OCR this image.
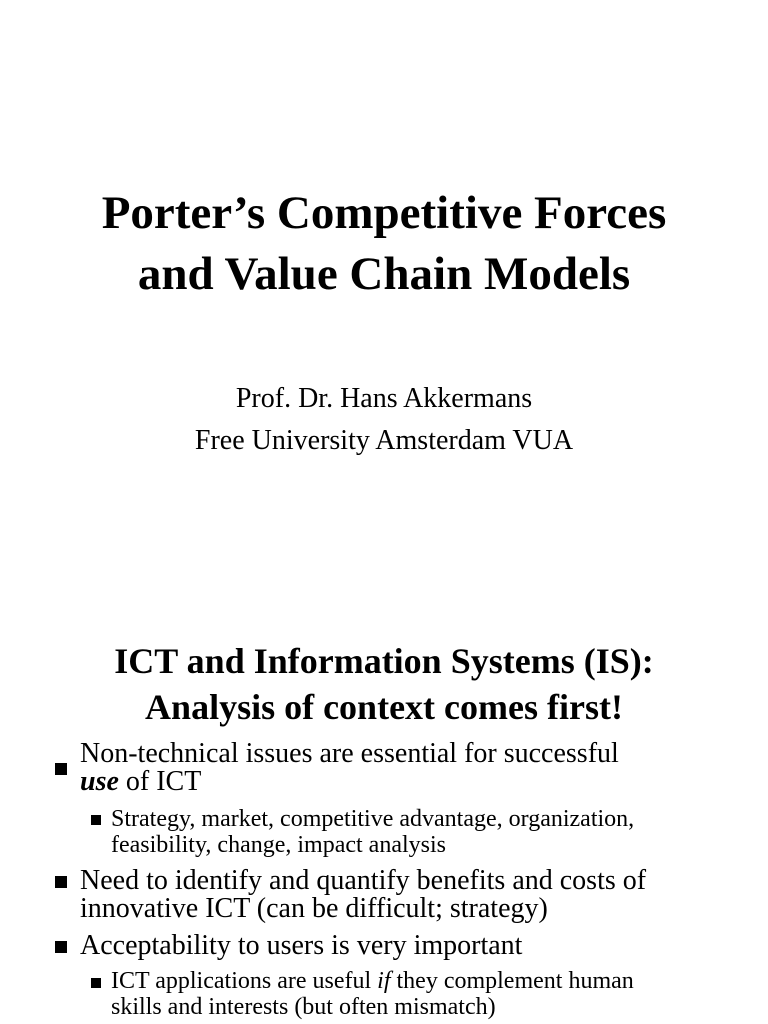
Porter’s Competitive Forces
and Value Chain Models
Prof. Dr. Hans Akkermans
Free University Amsterdam VUA
ICT and Information Systems (IS):
Analysis of context comes first!
Non-technical issues are essential for successful
use of ICT
Strategy, market, competitive advantage, organization,
feasibility, change, impact analysis
Need to identify and quantify benefits and costs of
innovative ICT (can be difficult; strategy)
Acceptability to users is very important
ICT applications are useful if they complement human
skills and interests (but often mismatch)
